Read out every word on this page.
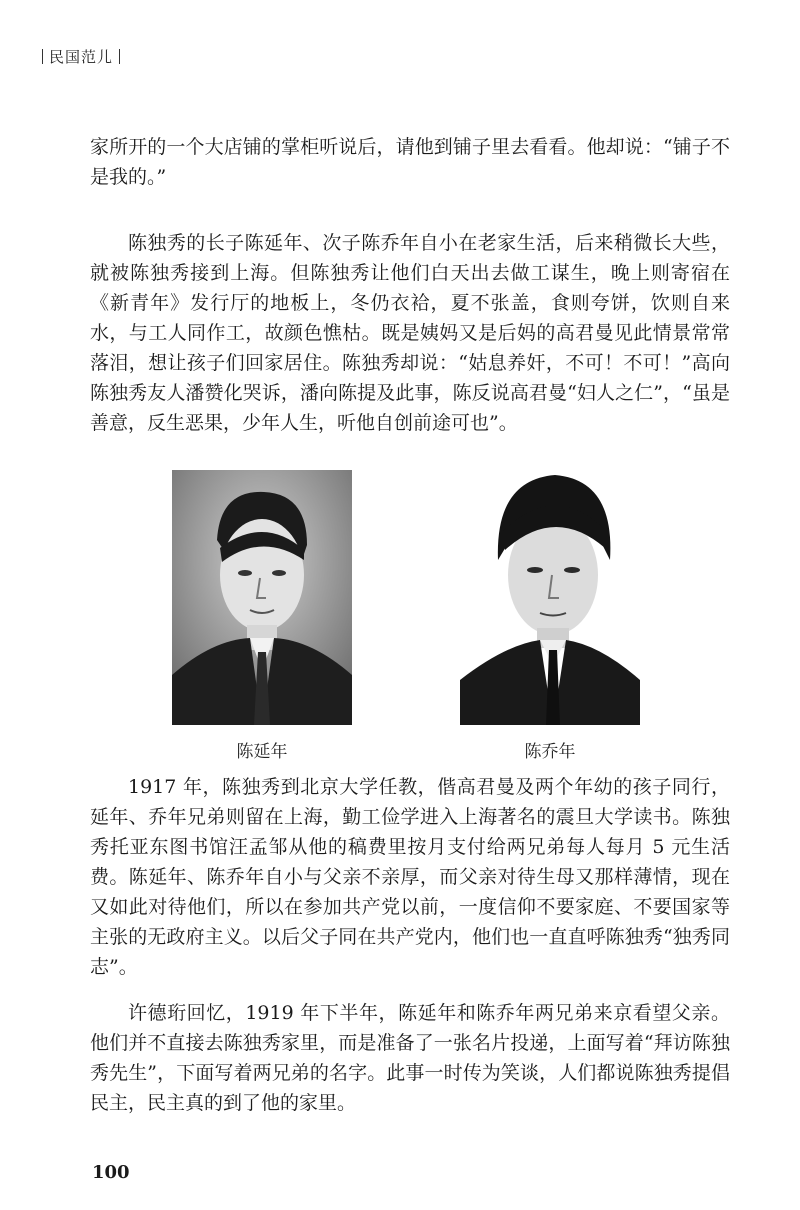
民国范儿

家所开的一个大店铺的掌柜听说后，请他到铺子里去看看。他却说：“铺子不是我的。”

陈独秀的长子陈延年、次子陈乔年自小在老家生活，后来稍微长大些，就被陈独秀接到上海。但陈独秀让他们白天出去做工谋生，晚上则寄宿在《新青年》发行厅的地板上，冬仍衣袷，夏不张盖，食则夸饼，饮则自来水，与工人同作工，故颜色憔枯。既是姨妈又是后妈的高君曼见此情景常常落泪，想让孩子们回家居住。陈独秀却说：“姑息养奸，不可！不可！”高向陈独秀友人潘赞化哭诉，潘向陈提及此事，陈反说高君曼“妇人之仁”，“虽是善意，反生恶果，少年人生，听他自创前途可也”。

陈延年	陈乔年

1917 年，陈独秀到北京大学任教，偕高君曼及两个年幼的孩子同行，延年、乔年兄弟则留在上海，勤工俭学进入上海著名的震旦大学读书。陈独秀托亚东图书馆汪孟邹从他的稿费里按月支付给两兄弟每人每月 5 元生活费。陈延年、陈乔年自小与父亲不亲厚，而父亲对待生母又那样薄情，现在又如此对待他们，所以在参加共产党以前，一度信仰不要家庭、不要国家等主张的无政府主义。以后父子同在共产党内，他们也一直直呼陈独秀“独秀同志”。

许德珩回忆，1919 年下半年，陈延年和陈乔年两兄弟来京看望父亲。他们并不直接去陈独秀家里，而是准备了一张名片投递，上面写着“拜访陈独秀先生”，下面写着两兄弟的名字。此事一时传为笑谈，人们都说陈独秀提倡民主，民主真的到了他的家里。

100
